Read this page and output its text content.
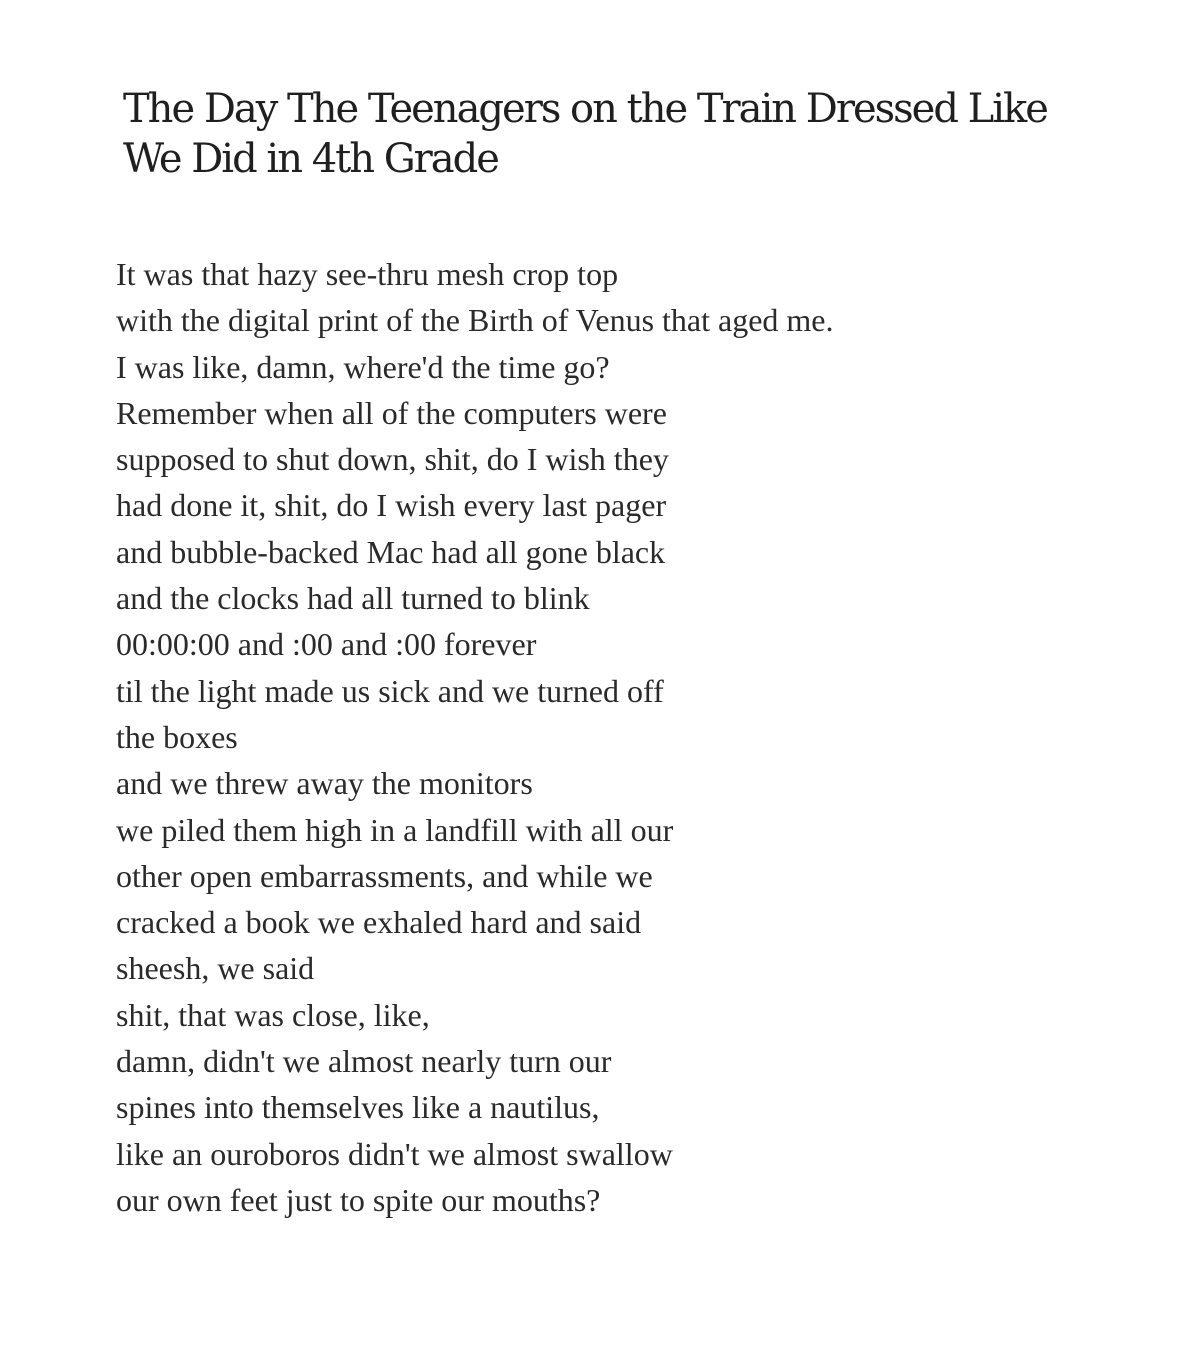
The Day The Teenagers on the Train Dressed Like
We Did in 4th Grade
It was that hazy see-thru mesh crop top
with the digital print of the Birth of Venus that aged me.
I was like, damn, where'd the time go?
Remember when all of the computers were
supposed to shut down, shit, do I wish they
had done it, shit, do I wish every last pager
and bubble-backed Mac had all gone black
and the clocks had all turned to blink
00:00:00 and :00 and :00 forever
til the light made us sick and we turned off
the boxes
and we threw away the monitors
we piled them high in a landfill with all our
other open embarrassments, and while we
cracked a book we exhaled hard and said
sheesh, we said
shit, that was close, like,
damn, didn't we almost nearly turn our
spines into themselves like a nautilus,
like an ouroboros didn't we almost swallow
our own feet just to spite our mouths?
